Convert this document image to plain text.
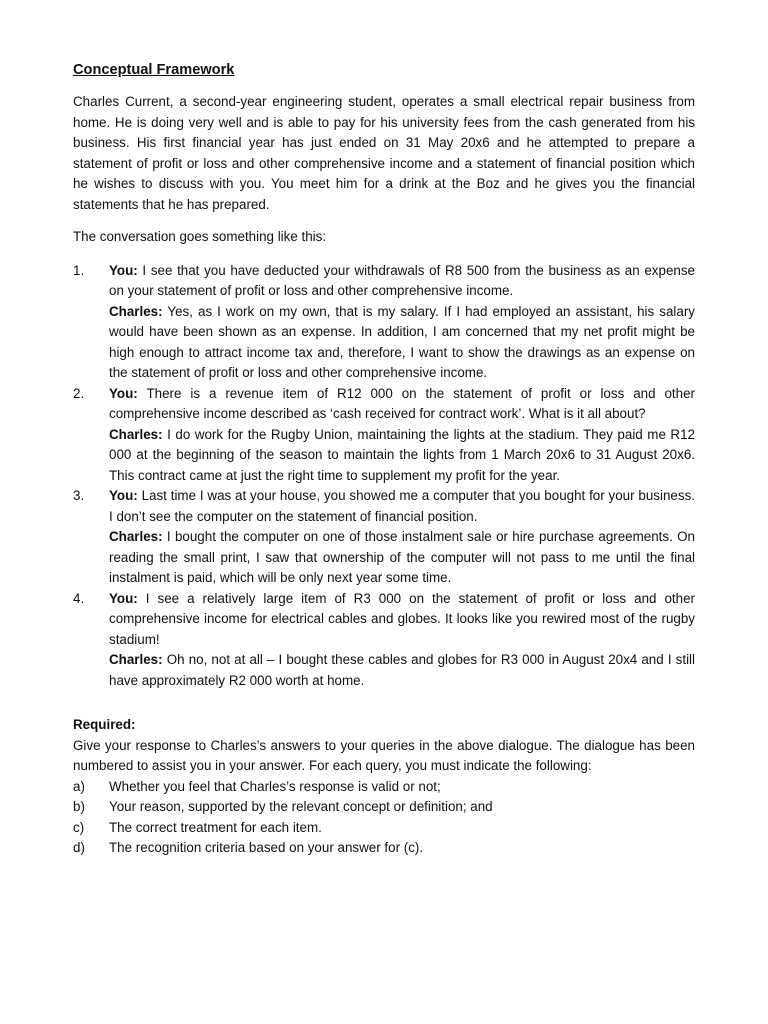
Conceptual Framework

Charles Current, a second-year engineering student, operates a small electrical repair business from home. He is doing very well and is able to pay for his university fees from the cash generated from his business. His first financial year has just ended on 31 May 20x6 and he attempted to prepare a statement of profit or loss and other comprehensive income and a statement of financial position which he wishes to discuss with you. You meet him for a drink at the Boz and he gives you the financial statements that he has prepared.

The conversation goes something like this:

1.	You: I see that you have deducted your withdrawals of R8 500 from the business as an expense on your statement of profit or loss and other comprehensive income.

Charles: Yes, as I work on my own, that is my salary. If I had employed an assistant, his salary would have been shown as an expense. In addition, I am concerned that my net profit might be high enough to attract income tax and, therefore, I want to show the drawings as an expense on the statement of profit or loss and other comprehensive income.

2.	You: There is a revenue item of R12 000 on the statement of profit or loss and other comprehensive income described as ‘cash received for contract work’. What is it all about?

Charles: I do work for the Rugby Union, maintaining the lights at the stadium. They paid me R12 000 at the beginning of the season to maintain the lights from 1 March 20x6 to 31 August 20x6. This contract came at just the right time to supplement my profit for the year.

3.	You: Last time I was at your house, you showed me a computer that you bought for your business. I don’t see the computer on the statement of financial position.

Charles: I bought the computer on one of those instalment sale or hire purchase agreements. On reading the small print, I saw that ownership of the computer will not pass to me until the final instalment is paid, which will be only next year some time.

4.	You: I see a relatively large item of R3 000 on the statement of profit or loss and other comprehensive income for electrical cables and globes. It looks like you rewired most of the rugby stadium!

Charles: Oh no, not at all – I bought these cables and globes for R3 000 in August 20x4 and I still have approximately R2 000 worth at home.

Required:

Give your response to Charles’s answers to your queries in the above dialogue. The dialogue has been numbered to assist you in your answer. For each query, you must indicate the following:

a)	Whether you feel that Charles’s response is valid or not;
b)	Your reason, supported by the relevant concept or definition; and
c)	The correct treatment for each item.
d)	The recognition criteria based on your answer for (c).
